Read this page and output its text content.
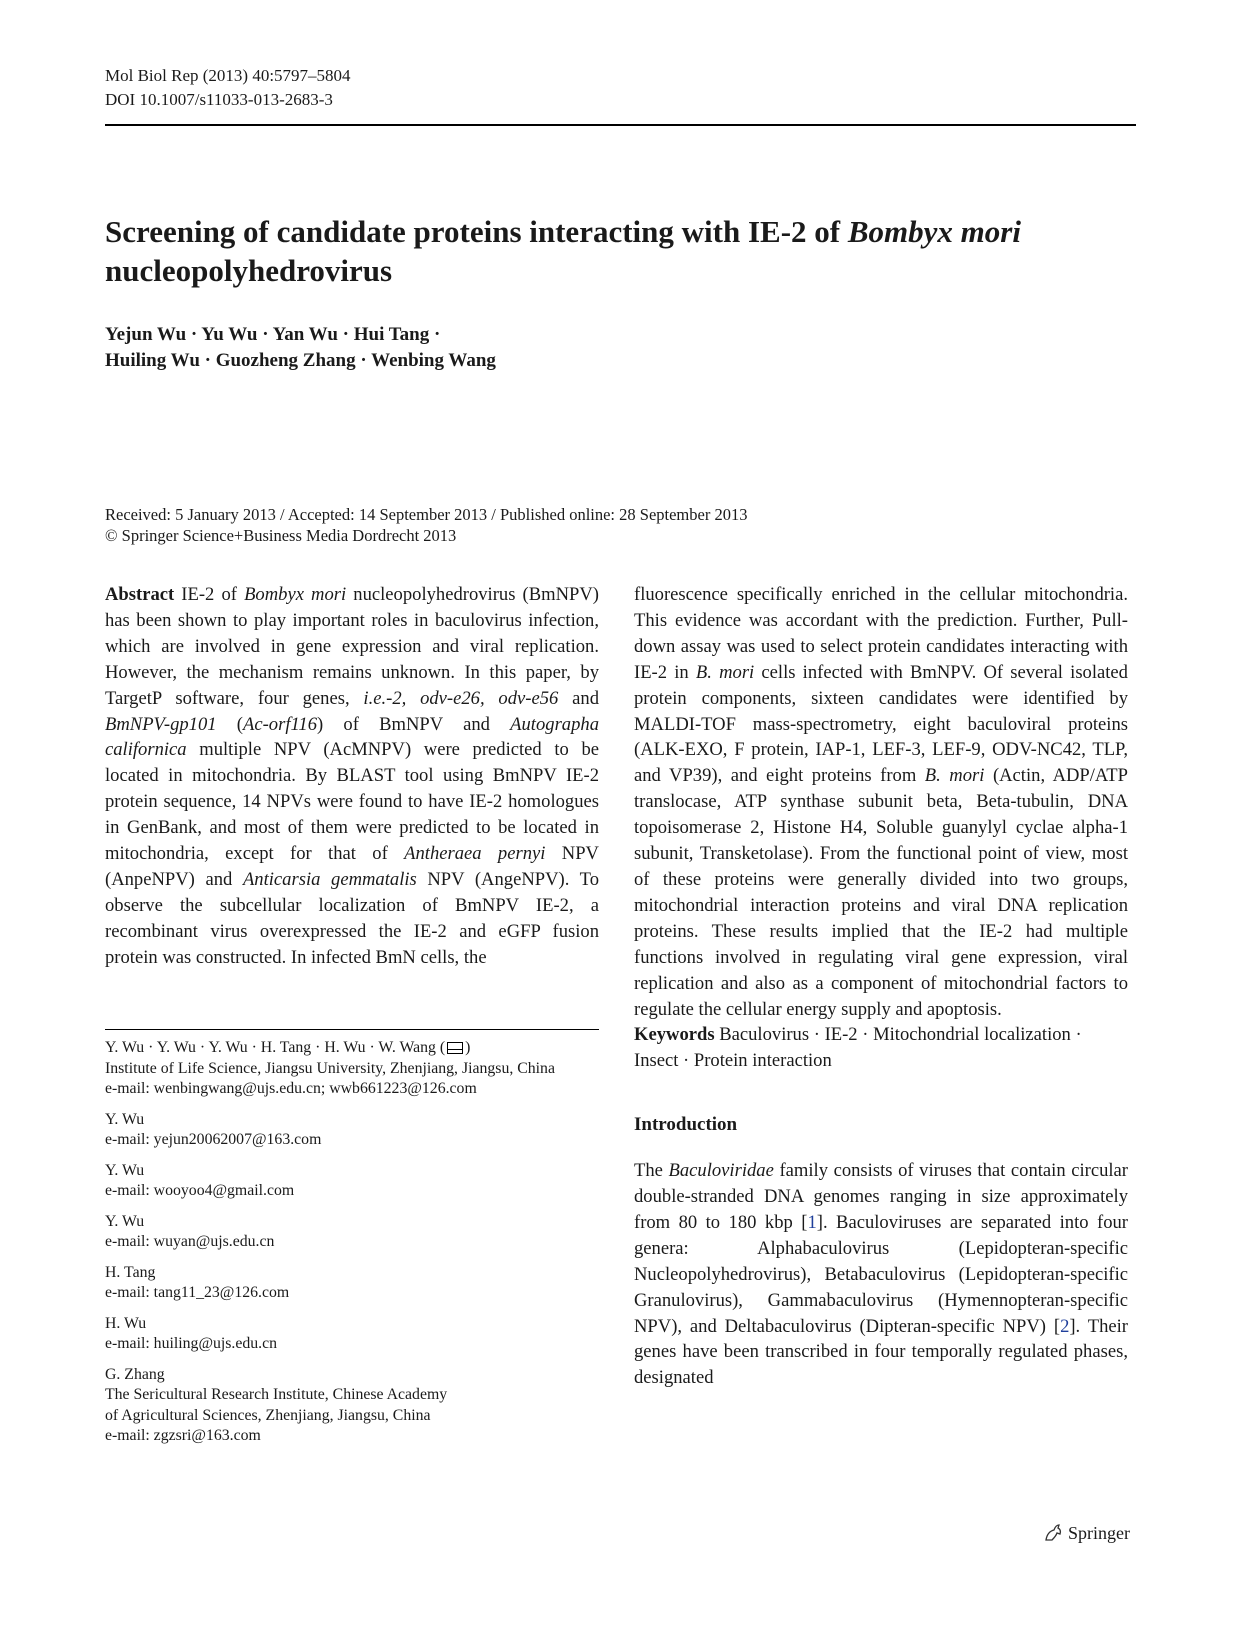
Mol Biol Rep (2013) 40:5797–5804
DOI 10.1007/s11033-013-2683-3
Screening of candidate proteins interacting with IE-2 of Bombyx mori nucleopolyhedrovirus
Yejun Wu · Yu Wu · Yan Wu · Hui Tang ·
Huiling Wu · Guozheng Zhang · Wenbing Wang
Received: 5 January 2013 / Accepted: 14 September 2013 / Published online: 28 September 2013
© Springer Science+Business Media Dordrecht 2013

Abstract IE-2 of Bombyx mori nucleopolyhedrovirus (BmNPV) has been shown to play important roles in baculovirus infection, which are involved in gene expression and viral replication. However, the mechanism remains unknown. In this paper, by TargetP software, four genes, i.e.-2, odv-e26, odv-e56 and BmNPV-gp101 (Ac-orf116) of BmNPV and Autographa californica multiple NPV (AcMNPV) were predicted to be located in mitochondria. By BLAST tool using BmNPV IE-2 protein sequence, 14 NPVs were found to have IE-2 homologues in GenBank, and most of them were predicted to be located in mitochondria, except for that of Antheraea pernyi NPV (AnpeNPV) and Anticarsia gemmatalis NPV (AngeNPV). To observe the subcellular localization of BmNPV IE-2, a recombinant virus overexpressed the IE-2 and eGFP fusion protein was constructed. In infected BmN cells, the

Y. Wu · Y. Wu · Y. Wu · H. Tang · H. Wu · W. Wang ( )
Institute of Life Science, Jiangsu University, Zhenjiang, Jiangsu, China
e-mail: wenbingwang@ujs.edu.cn; wwb661223@126.com
Y. Wu
e-mail: yejun20062007@163.com
Y. Wu
e-mail: wooyoo4@gmail.com
Y. Wu
e-mail: wuyan@ujs.edu.cn
H. Tang
e-mail: tang11_23@126.com
H. Wu
e-mail: huiling@ujs.edu.cn
G. Zhang
The Sericultural Research Institute, Chinese Academy
of Agricultural Sciences, Zhenjiang, Jiangsu, China
e-mail: zgzsri@163.com

fluorescence specifically enriched in the cellular mitochondria. This evidence was accordant with the prediction. Further, Pull-down assay was used to select protein candidates interacting with IE-2 in B. mori cells infected with BmNPV. Of several isolated protein components, sixteen candidates were identified by MALDI-TOF mass-spectrometry, eight baculoviral proteins (ALK-EXO, F protein, IAP-1, LEF-3, LEF-9, ODV-NC42, TLP, and VP39), and eight proteins from B. mori (Actin, ADP/ATP translocase, ATP synthase subunit beta, Beta-tubulin, DNA topoisomerase 2, Histone H4, Soluble guanylyl cyclae alpha-1 subunit, Transketolase). From the functional point of view, most of these proteins were generally divided into two groups, mitochondrial interaction proteins and viral DNA replication proteins. These results implied that the IE-2 had multiple functions involved in regulating viral gene expression, viral replication and also as a component of mitochondrial factors to regulate the cellular energy supply and apoptosis.

Keywords Baculovirus · IE-2 · Mitochondrial localization · Insect · Protein interaction

Introduction

The Baculoviridae family consists of viruses that contain circular double-stranded DNA genomes ranging in size approximately from 80 to 180 kbp [1]. Baculoviruses are separated into four genera: Alphabaculovirus (Lepidopteran-specific Nucleopolyhedrovirus), Betabaculovirus (Lepidopteran-specific Granulovirus), Gammabaculovirus (Hymennopteran-specific NPV), and Deltabaculovirus (Dipteran-specific NPV) [2]. Their genes have been transcribed in four temporally regulated phases, designated

Springer
